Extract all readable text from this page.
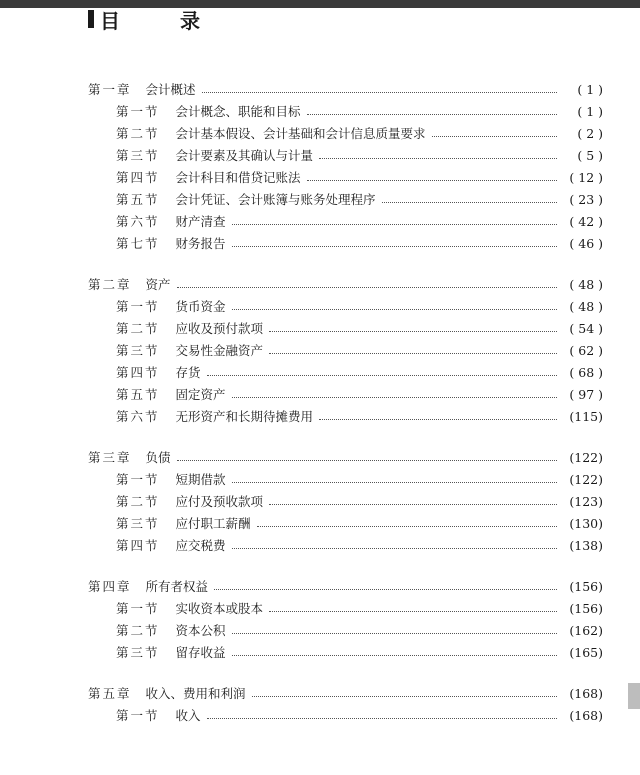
目	录
第一章 会计概述	( 1 )
第一节 会计概念、职能和目标	( 1 )
第二节 会计基本假设、会计基础和会计信息质量要求	( 2 )
第三节 会计要素及其确认与计量	( 5 )
第四节 会计科目和借贷记账法	( 12 )
第五节 会计凭证、会计账簿与账务处理程序	( 23 )
第六节 财产清查	( 42 )
第七节 财务报告	( 46 )
第二章 资产	( 48 )
第一节 货币资金	( 48 )
第二节 应收及预付款项	( 54 )
第三节 交易性金融资产	( 62 )
第四节 存货	( 68 )
第五节 固定资产	( 97 )
第六节 无形资产和长期待摊费用	(115)
第三章 负债	(122)
第一节 短期借款	(122)
第二节 应付及预收款项	(123)
第三节 应付职工薪酬	(130)
第四节 应交税费	(138)
第四章 所有者权益	(156)
第一节 实收资本或股本	(156)
第二节 资本公积	(162)
第三节 留存收益	(165)
第五章 收入、费用和利润	(168)
第一节 收入	(168)
